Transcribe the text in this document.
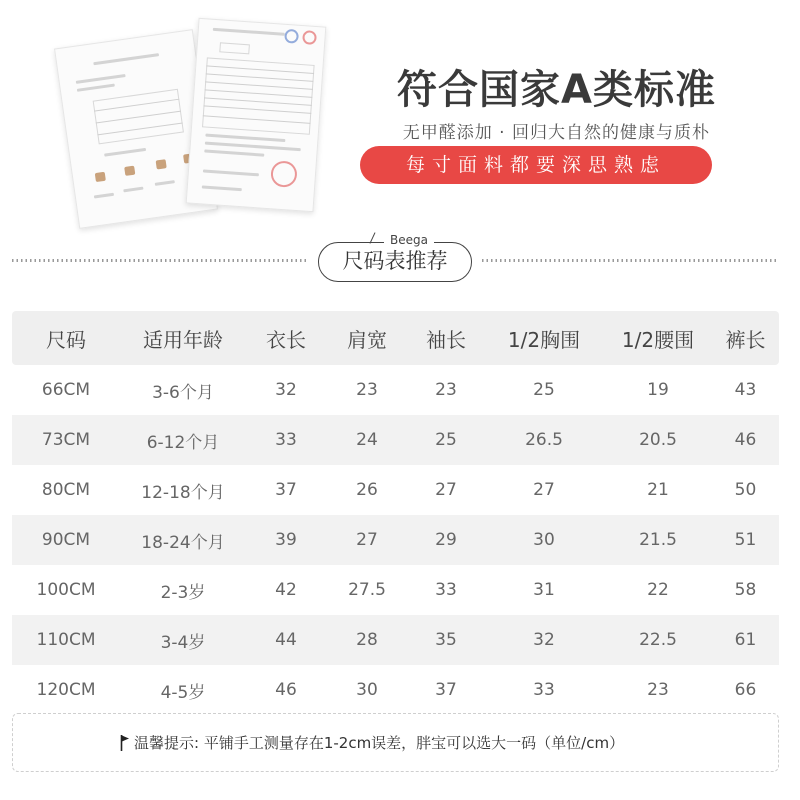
符合国家A类标准
无甲醛添加 · 回归大自然的健康与质朴
每寸面料都要深思熟虑
尺码表推荐
Beega
尺码	适用年龄	衣长	肩宽	袖长	1/2胸围	1/2腰围	裤长
66CM	3-6个月	32	23	23	25	19	43
73CM	6-12个月	33	24	25	26.5	20.5	46
80CM	12-18个月	37	26	27	27	21	50
90CM	18-24个月	39	27	29	30	21.5	51
100CM	2-3岁	42	27.5	33	31	22	58
110CM	3-4岁	44	28	35	32	22.5	61
120CM	4-5岁	46	30	37	33	23	66
温馨提示: 平铺手工测量存在1-2cm误差，胖宝可以选大一码（单位/cm）
